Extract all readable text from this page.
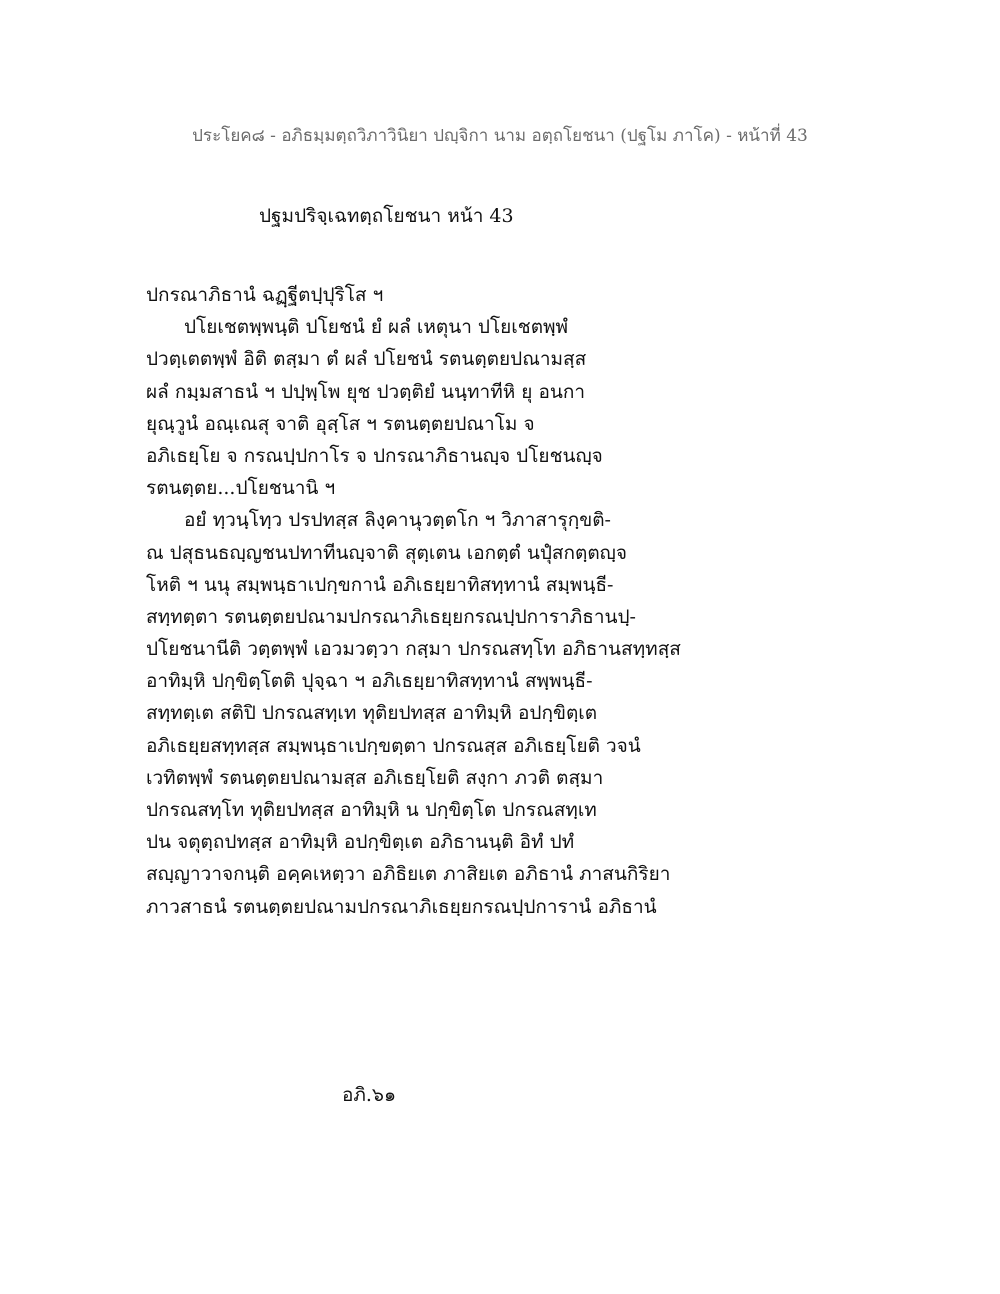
ประโยค๘ - อภิธมฺมตฺถวิภาวินิยา ปญฺจิกา นาม อตฺถโยชนา (ปฐโม ภาโค) - หน้าที่ 43
ปฐมปริจฺเฉทตฺถโยชนา หน้า 43
ปกรณาภิธานํ ฉฏฺฐีตปฺปุริโส ฯ
ปโยเชตพฺพนฺติ ปโยชนํ ยํ ผลํ เหตุนา ปโยเชตพฺพํ
ปวตฺเตตพฺพํ อิติ ตสฺมา ตํ ผลํ ปโยชนํ รตนตฺตยปณามสฺส
ผลํ กมฺมสาธนํ ฯ ปปฺพฺโพ ยุช ปวตฺติยํ นนฺทาทีหิ ยุ อนกา
ยุณฺวูนํ อณฺเณสุ จาติ อุสฺโส ฯ รตนตฺตยปณาโม จ
อภิเธยฺโย จ กรณปฺปกาโร จ ปกรณาภิธานญฺจ ปโยชนญฺจ
รตนตฺตย...ปโยชนานิ ฯ
อยํ ทฺวนฺโทฺว ปรปทสฺส ลิงฺคานุวตฺตโก ฯ วิภาสารุกฺขติ-
ณ ปสุธนธญฺญชนปทาทีนญฺจาติ สุตฺเตน เอกตฺตํ นปุํสกตฺตญฺจ
โหติ ฯ นนุ สมฺพนฺธาเปกฺขกานํ อภิเธยฺยาทิสทฺทานํ สมฺพนฺธี-
สทฺทตฺตา รตนตฺตยปณามปกรณาภิเธยฺยกรณปฺปการาภิธานปฺ-
ปโยชนานีติ วตฺตพฺพํ เอวมวตฺวา กสฺมา ปกรณสทฺโท อภิธานสทฺทสฺส
อาทิมฺหิ ปกฺขิตฺโตติ ปุจฺฉา ฯ อภิเธยฺยาทิสทฺทานํ สพฺพนฺธี-
สทฺทตฺเต สติปิ ปกรณสทฺเท ทุติยปทสฺส อาทิมฺหิ อปกฺขิตฺเต
อภิเธยฺยสทฺทสฺส สมฺพนฺธาเปกฺขตฺตา ปกรณสฺส อภิเธยฺโยติ วจนํ
เวทิตพฺพํ รตนตฺตยปณามสฺส อภิเธยฺโยติ สงฺกา ภวติ ตสฺมา
ปกรณสทฺโท ทุติยปทสฺส อาทิมฺหิ น ปกฺขิตฺโต ปกรณสทฺเท
ปน จตุตฺถปทสฺส อาทิมฺหิ อปกฺขิตฺเต อภิธานนฺติ อิทํ ปทํ
สญฺญาวาจกนฺติ อคฺคเหตฺวา อภิธิยเต ภาสิยเต อภิธานํ ภาสนกิริยา
ภาวสาธนํ รตนตฺตยปณามปกรณาภิเธยฺยกรณปฺปการานํ อภิธานํ
อภิ.๖๑
